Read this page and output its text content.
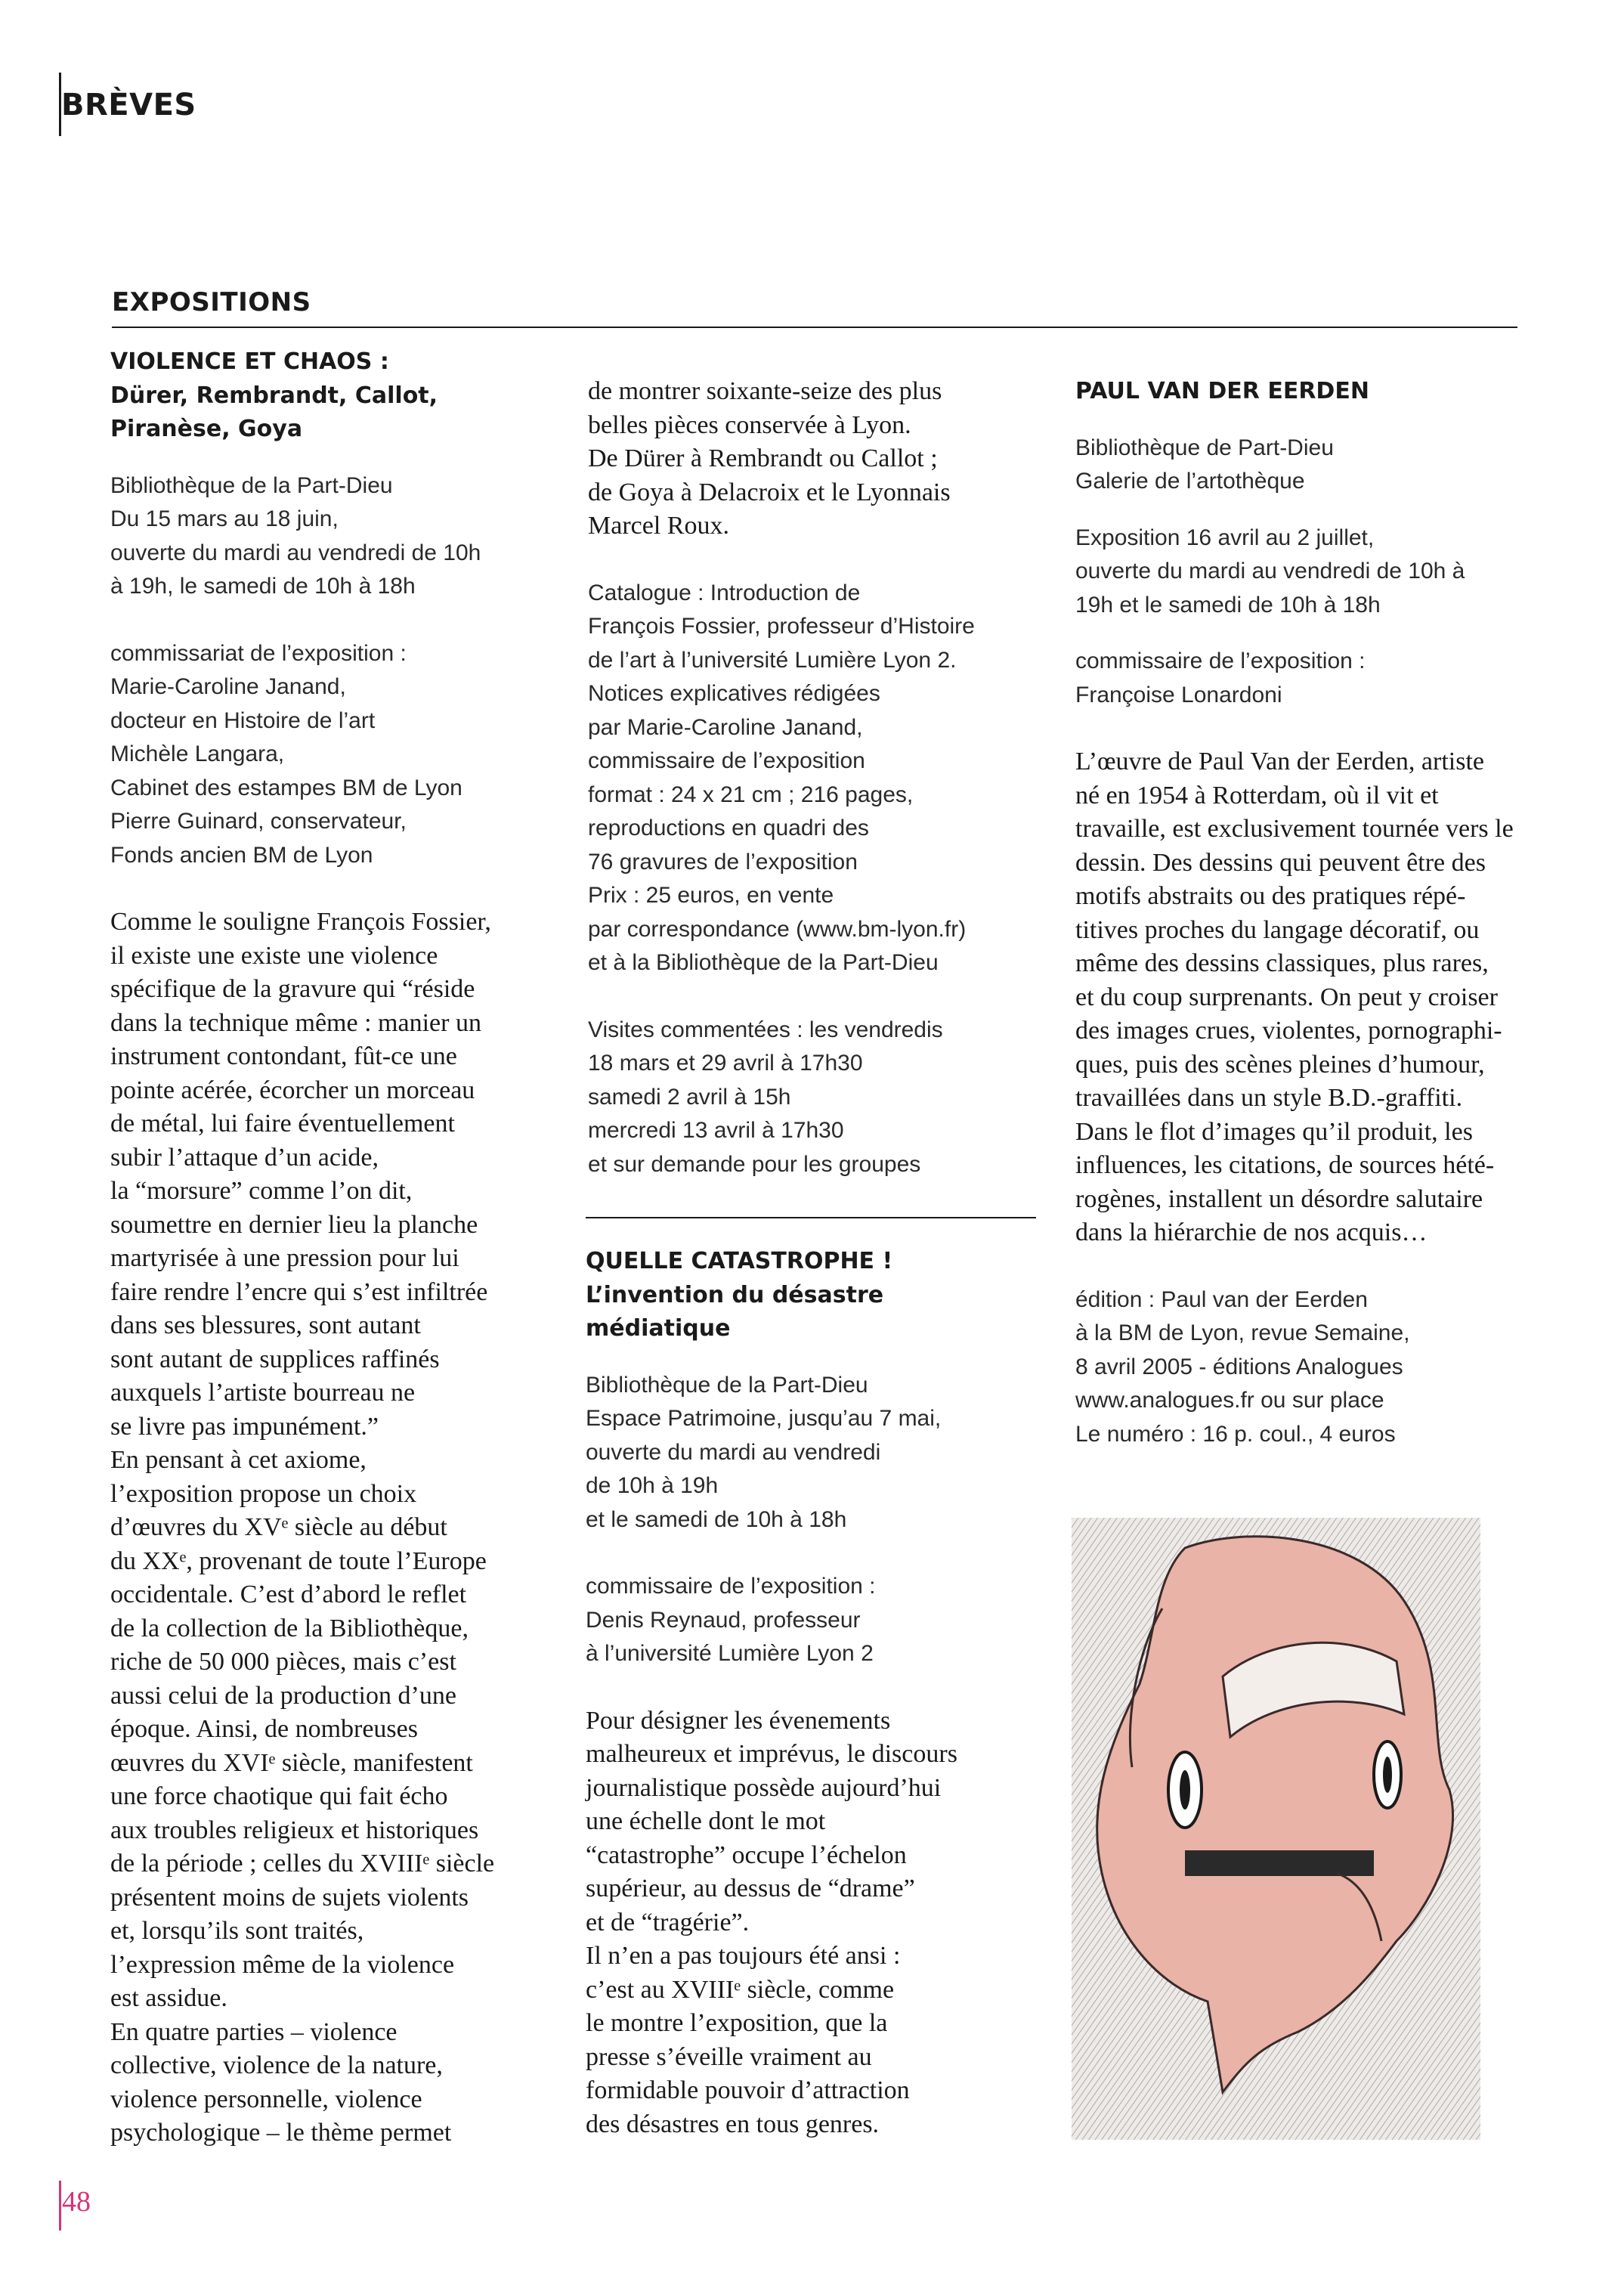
BRÈVES
EXPOSITIONS

VIOLENCE ET CHAOS :
Dürer, Rembrandt, Callot,
Piranèse, Goya

Bibliothèque de la Part-Dieu
Du 15 mars au 18 juin,
ouverte du mardi au vendredi de 10h
à 19h, le samedi de 10h à 18h

commissariat de l’exposition :
Marie-Caroline Janand,
docteur en Histoire de l’art
Michèle Langara,
Cabinet des estampes BM de Lyon
Pierre Guinard, conservateur,
Fonds ancien BM de Lyon

Comme le souligne François Fossier,
il existe une existe une violence
spécifique de la gravure qui “réside
dans la technique même : manier un
instrument contondant, fût-ce une
pointe acérée, écorcher un morceau
de métal, lui faire éventuellement
subir l’attaque d’un acide,
la “morsure” comme l’on dit,
soumettre en dernier lieu la planche
martyrisée à une pression pour lui
faire rendre l’encre qui s’est infiltrée
dans ses blessures, sont autant
sont autant de supplices raffinés
auxquels l’artiste bourreau ne
se livre pas impunément.”
En pensant à cet axiome,
l’exposition propose un choix
d’œuvres du XVᵉ siècle au début
du XXᵉ, provenant de toute l’Europe
occidentale. C’est d’abord le reflet
de la collection de la Bibliothèque,
riche de 50 000 pièces, mais c’est
aussi celui de la production d’une
époque. Ainsi, de nombreuses
œuvres du XVIᵉ siècle, manifestent
une force chaotique qui fait écho
aux troubles religieux et historiques
de la période ; celles du XVIIIᵉ siècle
présentent moins de sujets violents
et, lorsqu’ils sont traités,
l’expression même de la violence
est assidue.
En quatre parties – violence
collective, violence de la nature,
violence personnelle, violence
psychologique – le thème permet

de montrer soixante-seize des plus
belles pièces conservée à Lyon.
De Dürer à Rembrandt ou Callot ;
de Goya à Delacroix et le Lyonnais
Marcel Roux.

Catalogue : Introduction de
François Fossier, professeur d’Histoire
de l’art à l’université Lumière Lyon 2.
Notices explicatives rédigées
par Marie-Caroline Janand,
commissaire de l’exposition
format : 24 x 21 cm ; 216 pages,
reproductions en quadri des
76 gravures de l’exposition
Prix : 25 euros, en vente
par correspondance (www.bm-lyon.fr)
et à la Bibliothèque de la Part-Dieu

Visites commentées : les vendredis
18 mars et 29 avril à 17h30
samedi 2 avril à 15h
mercredi 13 avril à 17h30
et sur demande pour les groupes

QUELLE CATASTROPHE !
L’invention du désastre
médiatique

Bibliothèque de la Part-Dieu
Espace Patrimoine, jusqu’au 7 mai,
ouverte du mardi au vendredi
de 10h à 19h
et le samedi de 10h à 18h

commissaire de l’exposition :
Denis Reynaud, professeur
à l’université Lumière Lyon 2

Pour désigner les évenements
malheureux et imprévus, le discours
journalistique possède aujourd’hui
une échelle dont le mot
“catastrophe” occupe l’échelon
supérieur, au dessus de “drame”
et de “tragérie”.
Il n’en a pas toujours été ansi :
c’est au XVIIIᵉ siècle, comme
le montre l’exposition, que la
presse s’éveille vraiment au
formidable pouvoir d’attraction
des désastres en tous genres.

PAUL VAN DER EERDEN

Bibliothèque de Part-Dieu
Galerie de l’artothèque

Exposition 16 avril au 2 juillet,
ouverte du mardi au vendredi de 10h à
19h et le samedi de 10h à 18h

commissaire de l’exposition :
Françoise Lonardoni

L’œuvre de Paul Van der Eerden, artiste
né en 1954 à Rotterdam, où il vit et
travaille, est exclusivement tournée vers le
dessin. Des dessins qui peuvent être des
motifs abstraits ou des pratiques répé-
titives proches du langage décoratif, ou
même des dessins classiques, plus rares,
et du coup surprenants. On peut y croiser
des images crues, violentes, pornographi-
ques, puis des scènes pleines d’humour,
travaillées dans un style B.D.-graffiti.
Dans le flot d’images qu’il produit, les
influences, les citations, de sources hété-
rogènes, installent un désordre salutaire
dans la hiérarchie de nos acquis…

édition : Paul van der Eerden
à la BM de Lyon, revue Semaine,
8 avril 2005 - éditions Analogues
www.analogues.fr ou sur place
Le numéro : 16 p. coul., 4 euros

48
